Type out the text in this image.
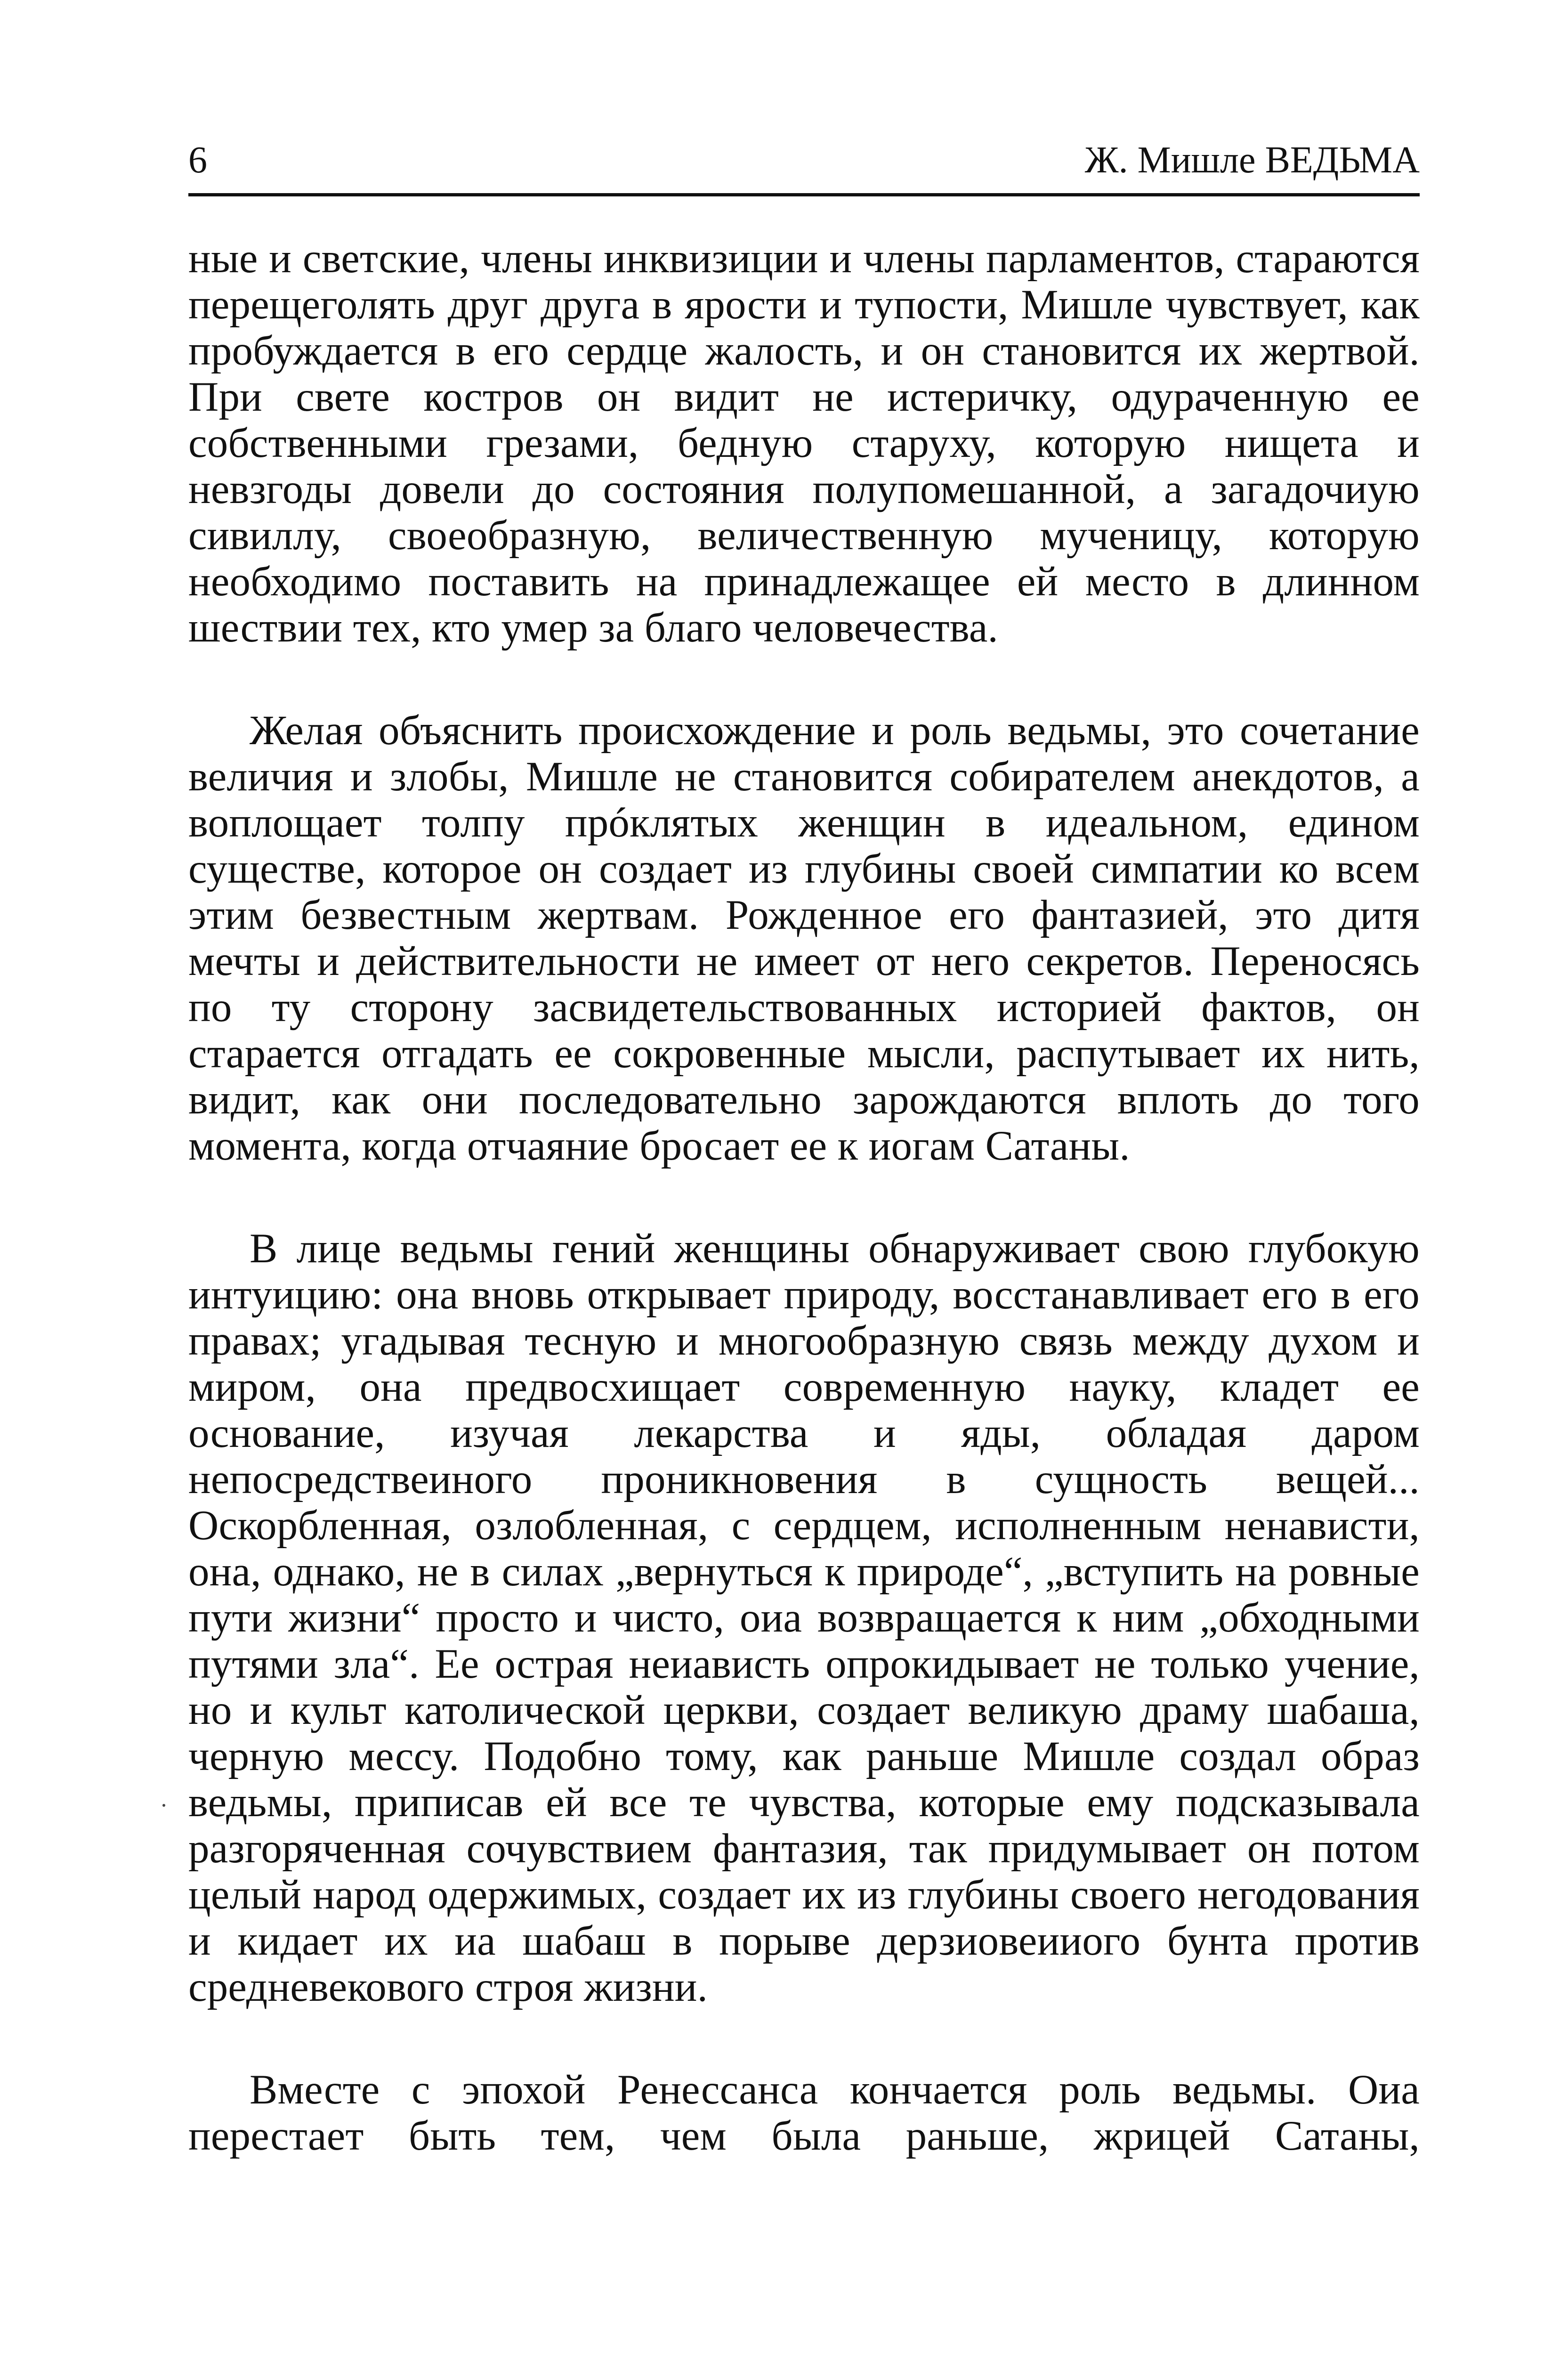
6	Ж. Мишле ВЕДЬМА

ные и светские, члены инквизиции и члены парламентов, стараются перещеголять друг друга в ярости и тупости, Мишле чувствует, как пробуждается в его сердце жалость, и он становится их жертвой. При свете костров он видит не истеричку, одураченную ее собственными грезами, бедную старуху, которую нищета и невзгоды довели до состояния полупомешанной, а загадочиую сивиллу, своеобразную, величественную мученицу, которую необходимо поставить на принадлежащее ей место в длинном шествии тех, кто умер за благо человечества.

Желая объяснить происхождение и роль ведьмы, это сочетание величия и злобы, Мишле не становится собирателем анекдотов, а воплощает толпу прóклятых женщин в идеальном, едином существе, которое он создает из глубины своей симпатии ко всем этим безвестным жертвам. Рожденное его фантазией, это дитя мечты и действительности не имеет от него секретов. Переносясь по ту сторону засвидетельствованных историей фактов, он старается отгадать ее сокровенные мысли, распутывает их нить, видит, как они последовательно зарождаются вплоть до того момента, когда отчаяние бросает ее к иогам Сатаны.

В лице ведьмы гений женщины обнаруживает свою глубокую интуицию: она вновь открывает природу, восстанавливает его в его правах; угадывая тесную и многообразную связь между духом и миром, она предвосхищает современную науку, кладет ее основание, изучая лекарства и яды, обладая даром непосредствеиного проникновения в сущность вещей... Оскорбленная, озлобленная, с сердцем, исполненным ненависти, она, однако, не в силах „вернуться к природе“, „вступить на ровные пути жизни“ просто и чисто, оиа возвращается к ним „обходными путями зла“. Ее острая неиависть опрокидывает не только учение, но и культ католической церкви, создает великую драму шабаша, черную мессу. Подобно тому, как раньше Мишле создал образ ведьмы, приписав ей все те чувства, которые ему подсказывала разгоряченная сочувствием фантазия, так придумывает он потом целый народ одержимых, создает их из глубины своего негодования и кидает их иа шабаш в порыве дерзиовеииого бунта против средневекового строя жизни.

Вместе с эпохой Ренессанса кончается роль ведьмы. Оиа перестает быть тем, чем была раньше, жрицей Сатаны,
